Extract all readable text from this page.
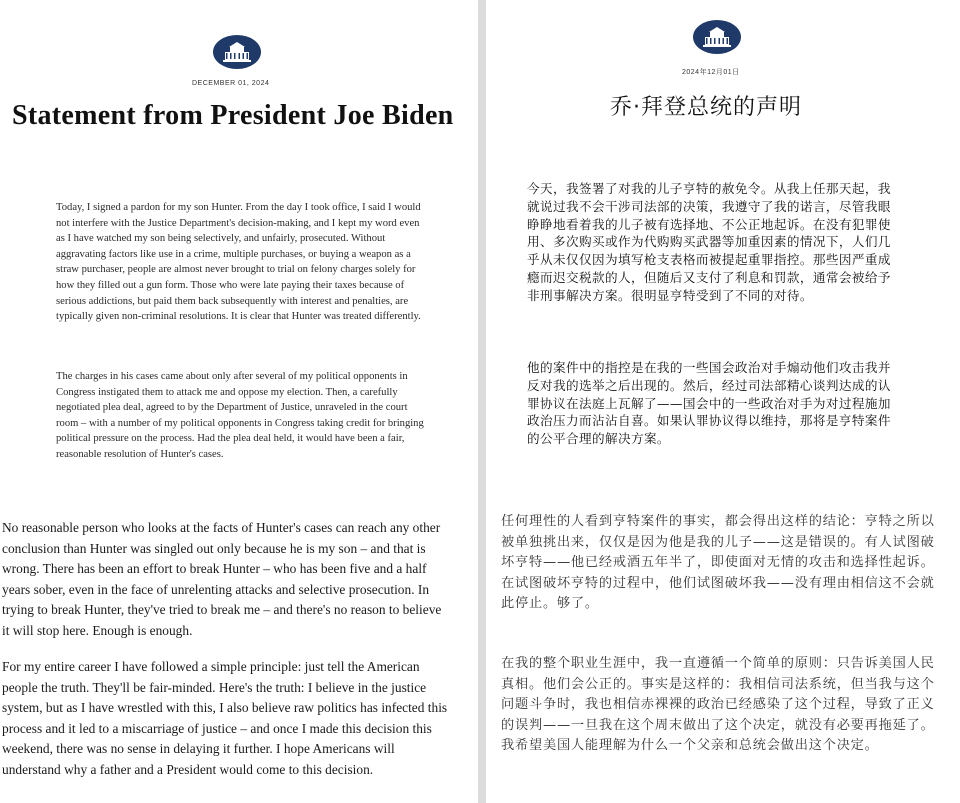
DECEMBER 01, 2024
Statement from President Joe Biden

Today, I signed a pardon for my son Hunter. From the day I took office, I said I would not interfere with the Justice Department's decision-making, and I kept my word even as I have watched my son being selectively, and unfairly, prosecuted. Without aggravating factors like use in a crime, multiple purchases, or buying a weapon as a straw purchaser, people are almost never brought to trial on felony charges solely for how they filled out a gun form. Those who were late paying their taxes because of serious addictions, but paid them back subsequently with interest and penalties, are typically given non-criminal resolutions. It is clear that Hunter was treated differently.

The charges in his cases came about only after several of my political opponents in Congress instigated them to attack me and oppose my election. Then, a carefully negotiated plea deal, agreed to by the Department of Justice, unraveled in the court room – with a number of my political opponents in Congress taking credit for bringing political pressure on the process. Had the plea deal held, it would have been a fair, reasonable resolution of Hunter's cases.

No reasonable person who looks at the facts of Hunter's cases can reach any other conclusion than Hunter was singled out only because he is my son – and that is wrong. There has been an effort to break Hunter – who has been five and a half years sober, even in the face of unrelenting attacks and selective prosecution. In trying to break Hunter, they've tried to break me – and there's no reason to believe it will stop here. Enough is enough.

For my entire career I have followed a simple principle: just tell the American people the truth. They'll be fair-minded. Here's the truth: I believe in the justice system, but as I have wrestled with this, I also believe raw politics has infected this process and it led to a miscarriage of justice – and once I made this decision this weekend, there was no sense in delaying it further. I hope Americans will understand why a father and a President would come to this decision.

2024年12月01日
乔·拜登总统的声明

今天，我签署了对我的儿子亨特的赦免令。从我上任那天起，我就说过我不会干涉司法部的决策，我遵守了我的诺言，尽管我眼睁睁地看着我的儿子被有选择地、不公正地起诉。在没有犯罪使用、多次购买或作为代购购买武器等加重因素的情况下，人们几乎从未仅仅因为填写枪支表格而被提起重罪指控。那些因严重成瘾而迟交税款的人，但随后又支付了利息和罚款，通常会被给予非刑事解决方案。很明显亨特受到了不同的对待。

他的案件中的指控是在我的一些国会政治对手煽动他们攻击我并反对我的选举之后出现的。然后，经过司法部精心谈判达成的认罪协议在法庭上瓦解了——国会中的一些政治对手为对过程施加政治压力而沾沾自喜。如果认罪协议得以维持，那将是亨特案件的公平合理的解决方案。

任何理性的人看到亨特案件的事实，都会得出这样的结论：亨特之所以被单独挑出来，仅仅是因为他是我的儿子——这是错误的。有人试图破坏亨特——他已经戒酒五年半了，即使面对无情的攻击和选择性起诉。在试图破坏亨特的过程中，他们试图破坏我——没有理由相信这不会就此停止。够了。

在我的整个职业生涯中，我一直遵循一个简单的原则：只告诉美国人民真相。他们会公正的。事实是这样的：我相信司法系统，但当我与这个问题斗争时，我也相信赤裸裸的政治已经感染了这个过程，导致了正义的误判——一旦我在这个周末做出了这个决定，就没有必要再拖延了。我希望美国人能理解为什么一个父亲和总统会做出这个决定。
